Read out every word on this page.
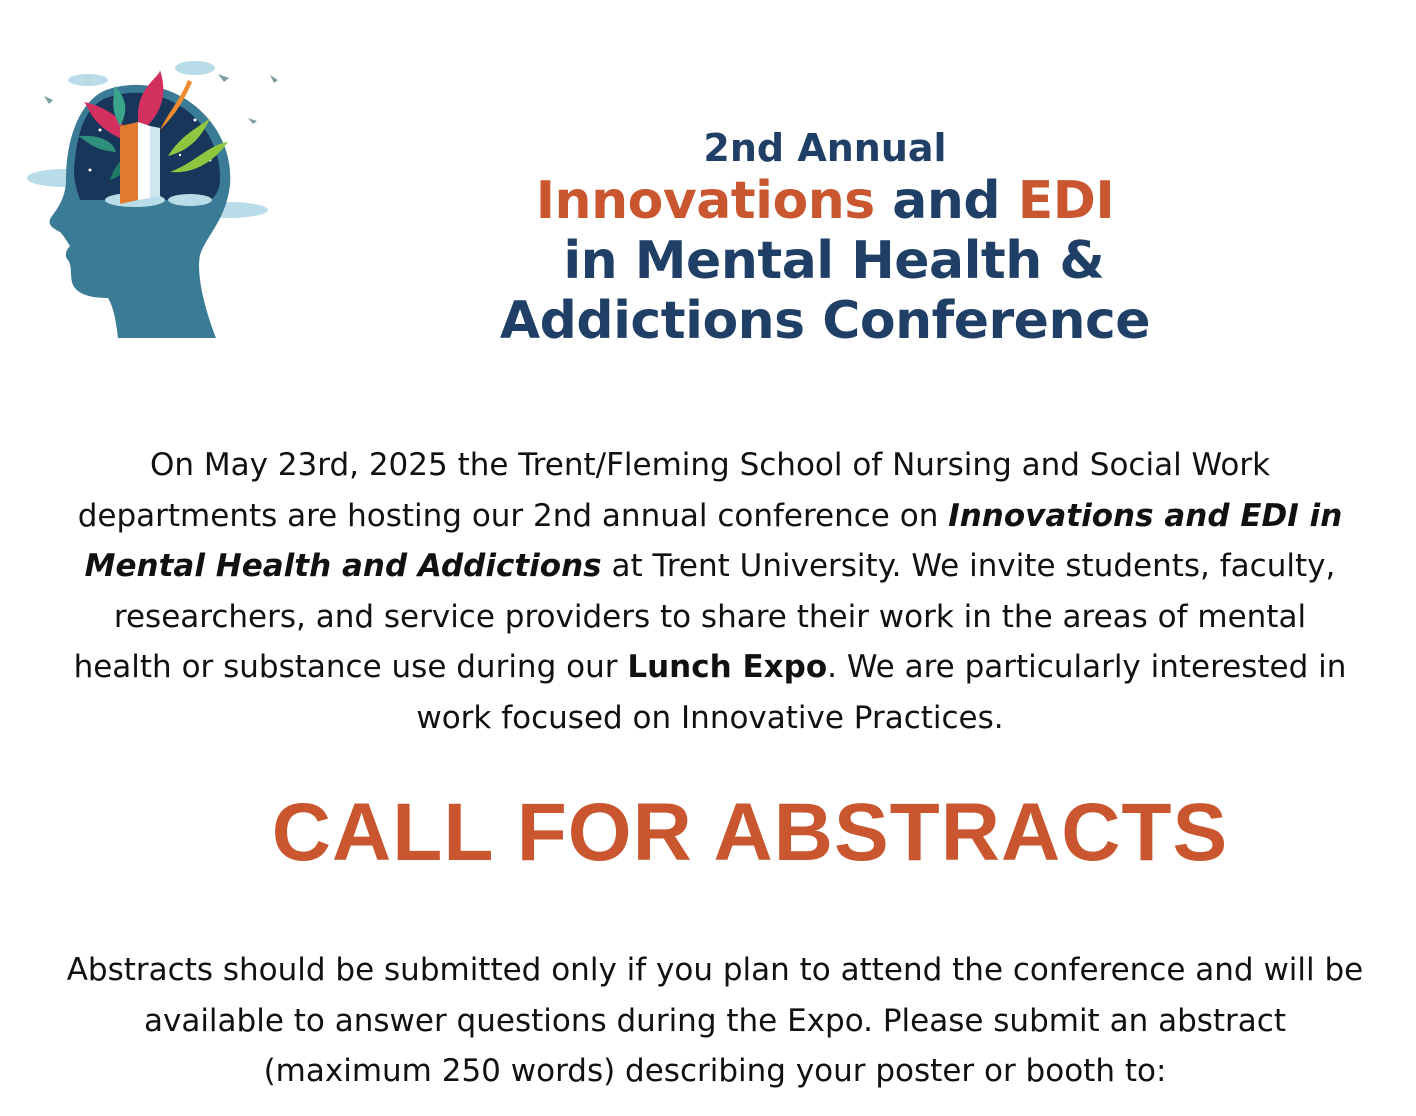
2nd Annual

Innovations and EDI in Mental Health &

Addictions Conference

On May 23rd, 2025 the Trent/Fleming School of Nursing and Social Work departments are hosting our 2nd annual conference on Innovations and EDI in Mental Health and Addictions at Trent University. We invite students, faculty, researchers, and service providers to share their work in the areas of mental health or substance use during our Lunch Expo. We are particularly interested in work focused on Innovative Practices.

CALL FOR ABSTRACTS

Abstracts should be submitted only if you plan to attend the conference and will be available to answer questions during the Expo. Please submit an abstract (maximum 250 words) describing your poster or booth to:
